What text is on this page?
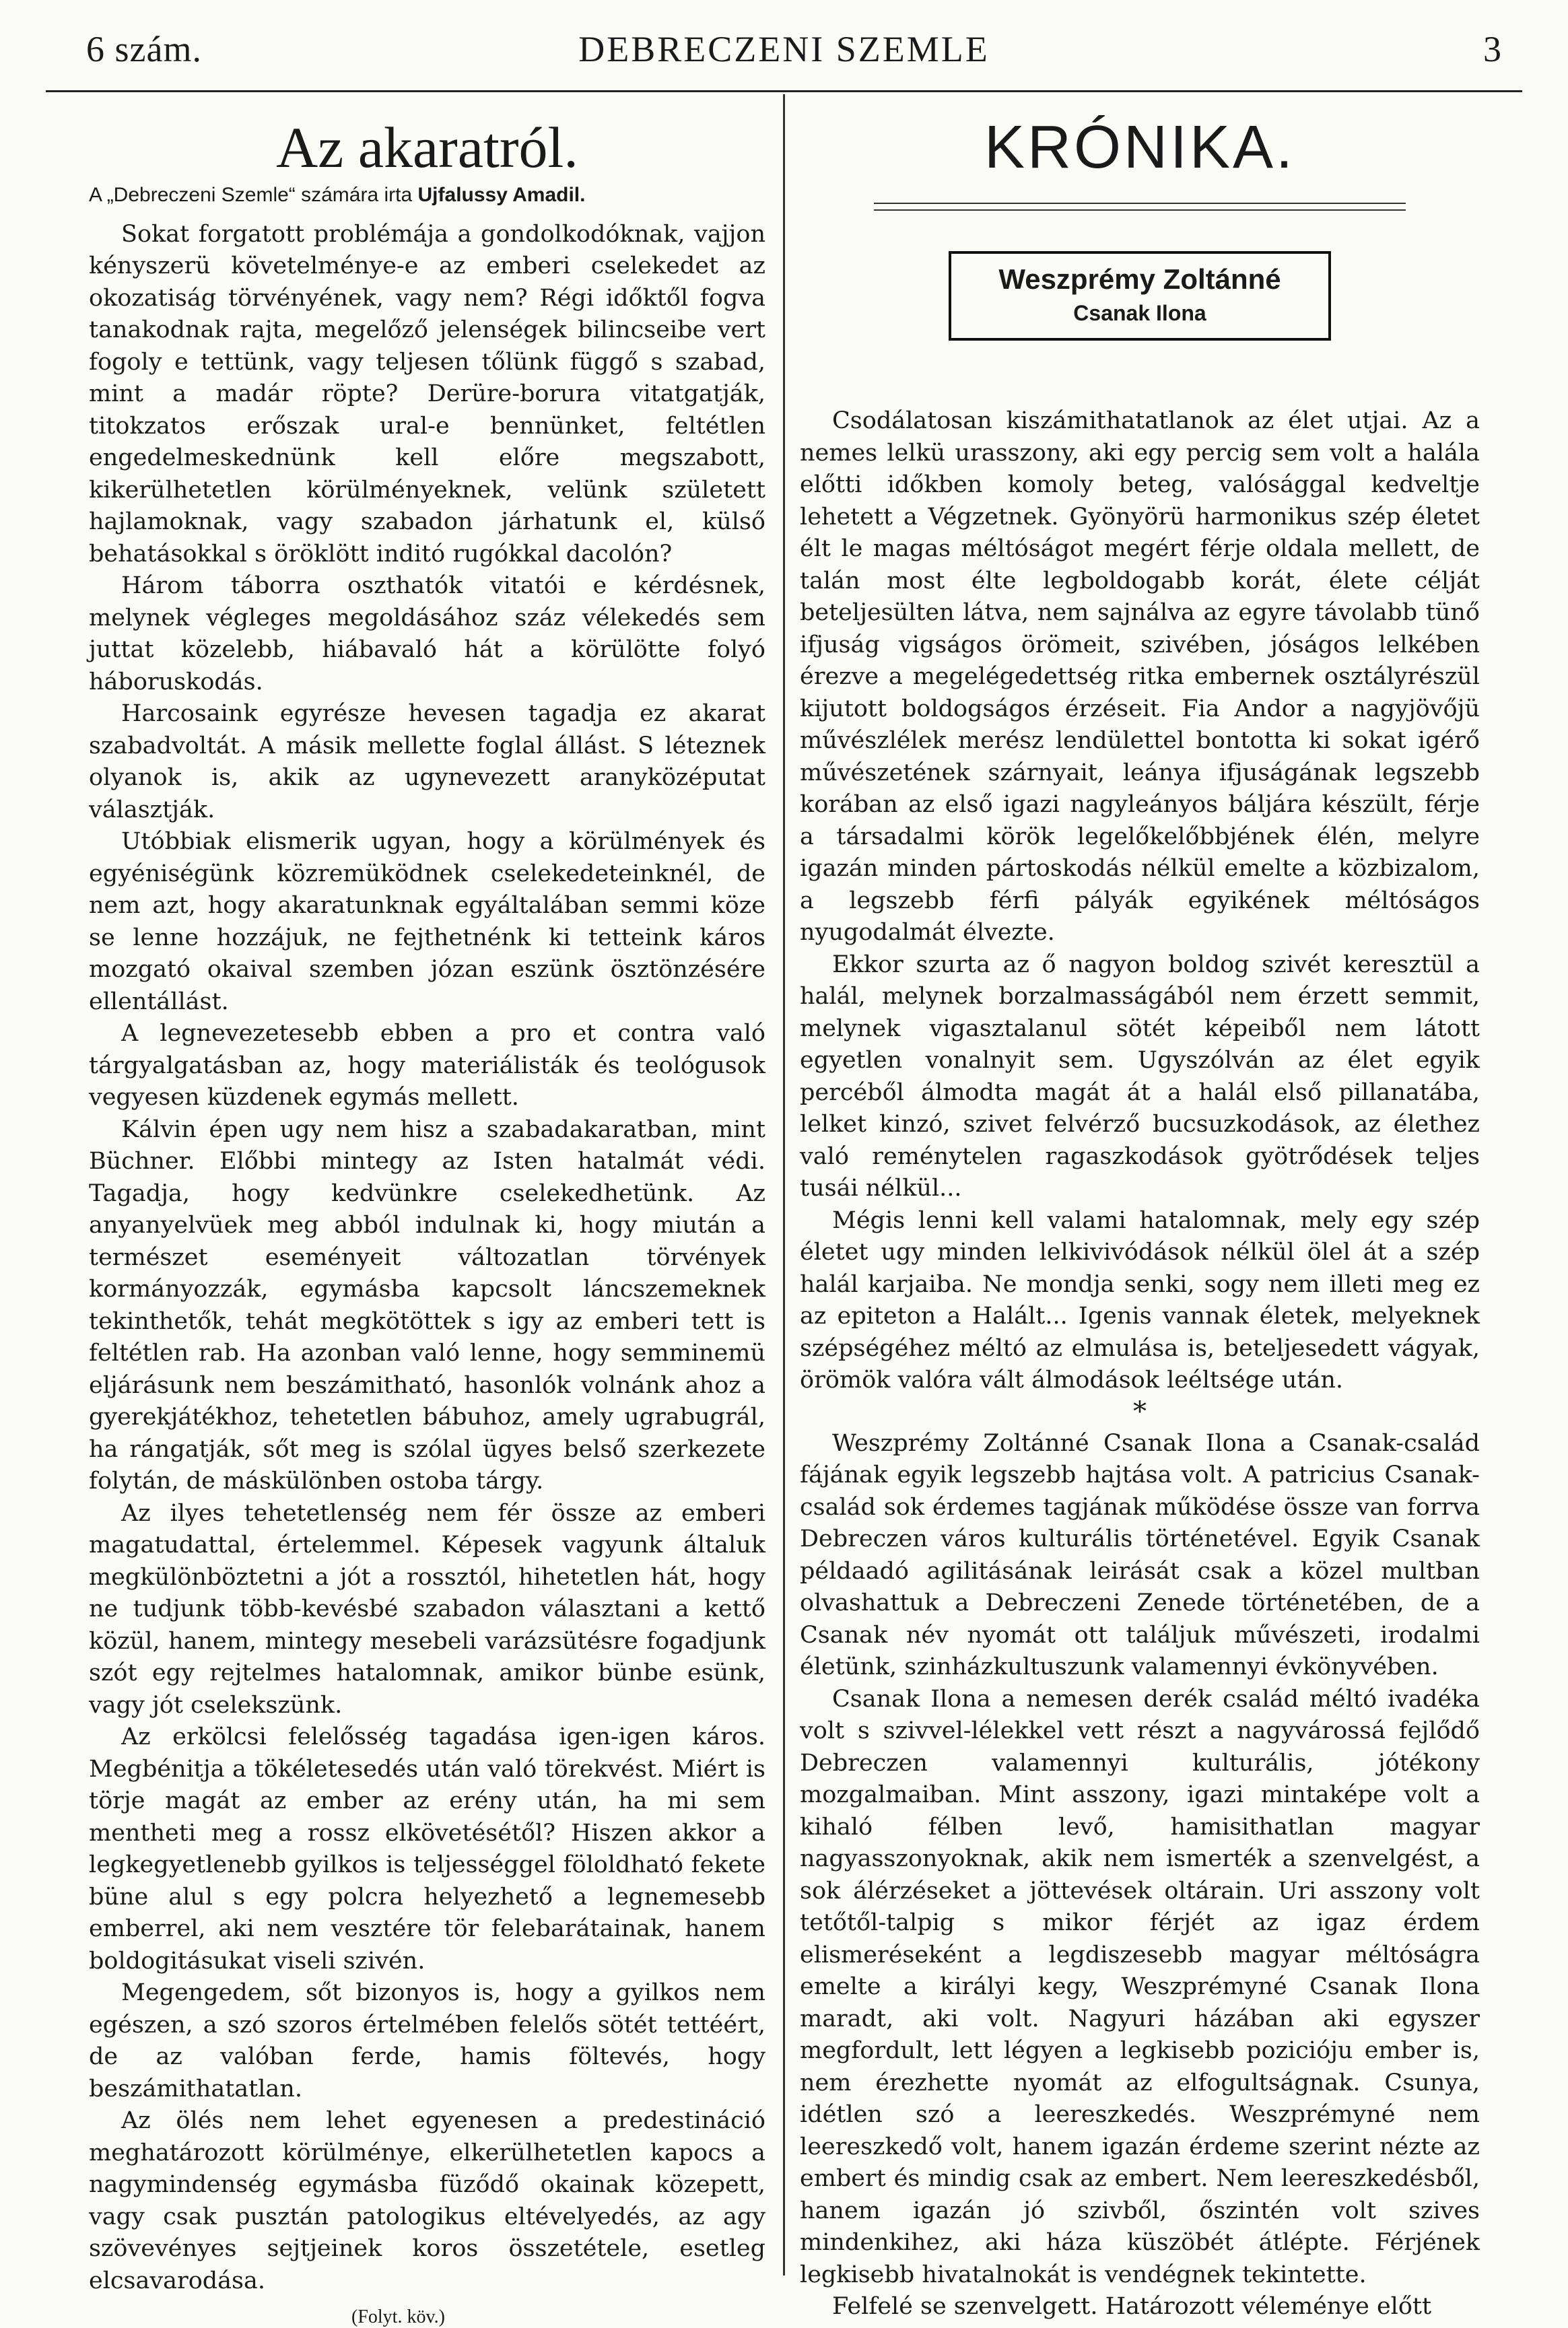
6 szám.	DEBRECZENI SZEMLE	3
Az akaratról.
A „Debreczeni Szemle“ számára irta Ujfalussy Amadil.

Sokat forgatott problémája a gondolkodóknak, vajjon kényszerü követelménye-e az emberi cselekedet az okozatiság törvényének, vagy nem? Régi időktől fogva tanakodnak rajta, megelőző jelenségek bilincseibe vert fogoly e tettünk, vagy teljesen tőlünk függő s szabad, mint a madár röpte? Derüre-borura vitatgatják, titokzatos erőszak ural-e bennünket, feltétlen engedelmeskednünk kell előre megszabott, kikerülhetetlen körülményeknek, velünk született hajlamoknak, vagy szabadon járhatunk el, külső behatásokkal s öröklött inditó rugókkal dacolón?

Három táborra oszthatók vitatói e kérdésnek, melynek végleges megoldásához száz vélekedés sem juttat közelebb, hiábavaló hát a körülötte folyó háboruskodás.

Harcosaink egyrésze hevesen tagadja ez akarat szabadvoltát. A másik mellette foglal állást. S léteznek olyanok is, akik az ugynevezett aranyközéputat választják.

Utóbbiak elismerik ugyan, hogy a körülmények és egyéniségünk közremüködnek cselekedeteinknél, de nem azt, hogy akaratunknak egyáltalában semmi köze se lenne hozzájuk, ne fejthetnénk ki tetteink káros mozgató okaival szemben józan eszünk ösztönzésére ellentállást.

A legnevezetesebb ebben a pro et contra való tárgyalgatásban az, hogy materiálisták és teológusok vegyesen küzdenek egymás mellett.

Kálvin épen ugy nem hisz a szabadakaratban, mint Büchner. Előbbi mintegy az Isten hatalmát védi. Tagadja, hogy kedvünkre cselekedhetünk. Az anyanyelvüek meg abból indulnak ki, hogy miután a természet eseményeit változatlan törvények kormányozzák, egymásba kapcsolt láncszemeknek tekinthetők, tehát megkötöttek s igy az emberi tett is feltétlen rab. Ha azonban való lenne, hogy semminemü eljárásunk nem beszámitható, hasonlók volnánk ahoz a gyerekjátékhoz, tehetetlen bábuhoz, amely ugrabugrál, ha rángatják, sőt meg is szólal ügyes belső szerkezete folytán, de máskülönben ostoba tárgy.

Az ilyes tehetetlenség nem fér össze az emberi magatudattal, értelemmel. Képesek vagyunk általuk megkülönböztetni a jót a rossztól, hihetetlen hát, hogy ne tudjunk több-kevésbé szabadon választani a kettő közül, hanem, mintegy mesebeli varázsütésre fogadjunk szót egy rejtelmes hatalomnak, amikor bünbe esünk, vagy jót cselekszünk.

Az erkölcsi felelősség tagadása igen-igen káros. Megbénitja a tökéletesedés után való törekvést. Miért is törje magát az ember az erény után, ha mi sem mentheti meg a rossz elkövetésétől? Hiszen akkor a legkegyetlenebb gyilkos is teljességgel föloldható fekete büne alul s egy polcra helyezhető a legnemesebb emberrel, aki nem vesztére tör felebarátainak, hanem boldogitásukat viseli szivén.

Megengedem, sőt bizonyos is, hogy a gyilkos nem egészen, a szó szoros értelmében felelős sötét tettéért, de az valóban ferde, hamis föltevés, hogy beszámithatatlan.

Az ölés nem lehet egyenesen a predestináció meghatározott körülménye, elkerülhetetlen kapocs a nagymindenség egymásba füződő okainak közepett, vagy csak pusztán patologikus eltévelyedés, az agy szövevényes sejtjeinek koros összetétele, esetleg elcsavarodása.

(Folyt. köv.)
KRÓNIKA.
Weszprémy Zoltánné
Csanak Ilona

Csodálatosan kiszámithatatlanok az élet utjai. Az a nemes lelkü urasszony, aki egy percig sem volt a halála előtti időkben komoly beteg, valósággal kedveltje lehetett a Végzetnek. Gyönyörü harmonikus szép életet élt le magas méltóságot megért férje oldala mellett, de talán most élte legboldogabb korát, élete célját beteljesülten látva, nem sajnálva az egyre távolabb tünő ifjuság vigságos örömeit, szivében, jóságos lelkében érezve a megelégedettség ritka embernek osztályrészül kijutott boldogságos érzéseit. Fia Andor a nagyjövőjü művészlélek merész lendülettel bontotta ki sokat igérő művészetének szárnyait, leánya ifjuságának legszebb korában az első igazi nagyleányos báljára készült, férje a társadalmi körök legelőkelőbbjének élén, melyre igazán minden pártoskodás nélkül emelte a közbizalom, a legszebb férfi pályák egyikének méltóságos nyugodalmát élvezte.

Ekkor szurta az ő nagyon boldog szivét keresztül a halál, melynek borzalmasságából nem érzett semmit, melynek vigasztalanul sötét képeiből nem látott egyetlen vonalnyit sem. Ugyszólván az élet egyik percéből álmodta magát át a halál első pillanatába, lelket kinzó, szivet felvérző bucsuzkodások, az élethez való reménytelen ragaszkodások gyötrődések teljes tusái nélkül...

Mégis lenni kell valami hatalomnak, mely egy szép életet ugy minden lelkivivódások nélkül ölel át a szép halál karjaiba. Ne mondja senki, sogy nem illeti meg ez az epiteton a Halált... Igenis vannak életek, melyeknek szépségéhez méltó az elmulása is, beteljesedett vágyak, örömök valóra vált álmodások leéltsége után.

*

Weszprémy Zoltánné Csanak Ilona a Csanak-család fájának egyik legszebb hajtása volt. A patricius Csanak-család sok érdemes tagjának működése össze van forrva Debreczen város kulturális történetével. Egyik Csanak példaadó agilitásának leirását csak a közel multban olvashattuk a Debreczeni Zenede történetében, de a Csanak név nyomát ott találjuk művészeti, irodalmi életünk, szinházkultuszunk valamennyi évkönyvében.

Csanak Ilona a nemesen derék család méltó ivadéka volt s szivvel-lélekkel vett részt a nagyvárossá fejlődő Debreczen valamennyi kulturális, jótékony mozgalmaiban. Mint asszony, igazi mintaképe volt a kihaló félben levő, hamisithatlan magyar nagyasszonyoknak, akik nem ismerték a szenvelgést, a sok álérzéseket a jöttevések oltárain. Uri asszony volt tetőtől-talpig s mikor férjét az igaz érdem elismeréseként a legdiszesebb magyar méltóságra emelte a királyi kegy, Weszprémyné Csanak Ilona maradt, aki volt. Nagyuri házában aki egyszer megfordult, lett légyen a legkisebb pozicióju ember is, nem érezhette nyomát az elfogultságnak. Csunya, idétlen szó a leereszkedés. Weszprémyné nem leereszkedő volt, hanem igazán érdeme szerint nézte az embert és mindig csak az embert. Nem leereszkedésből, hanem igazán jó szivből, őszintén volt szives mindenkihez, aki háza küszöbét átlépte. Férjének legkisebb hivatalnokát is vendégnek tekintette.

Felfelé se szenvelgett. Határozott véleménye előtt
